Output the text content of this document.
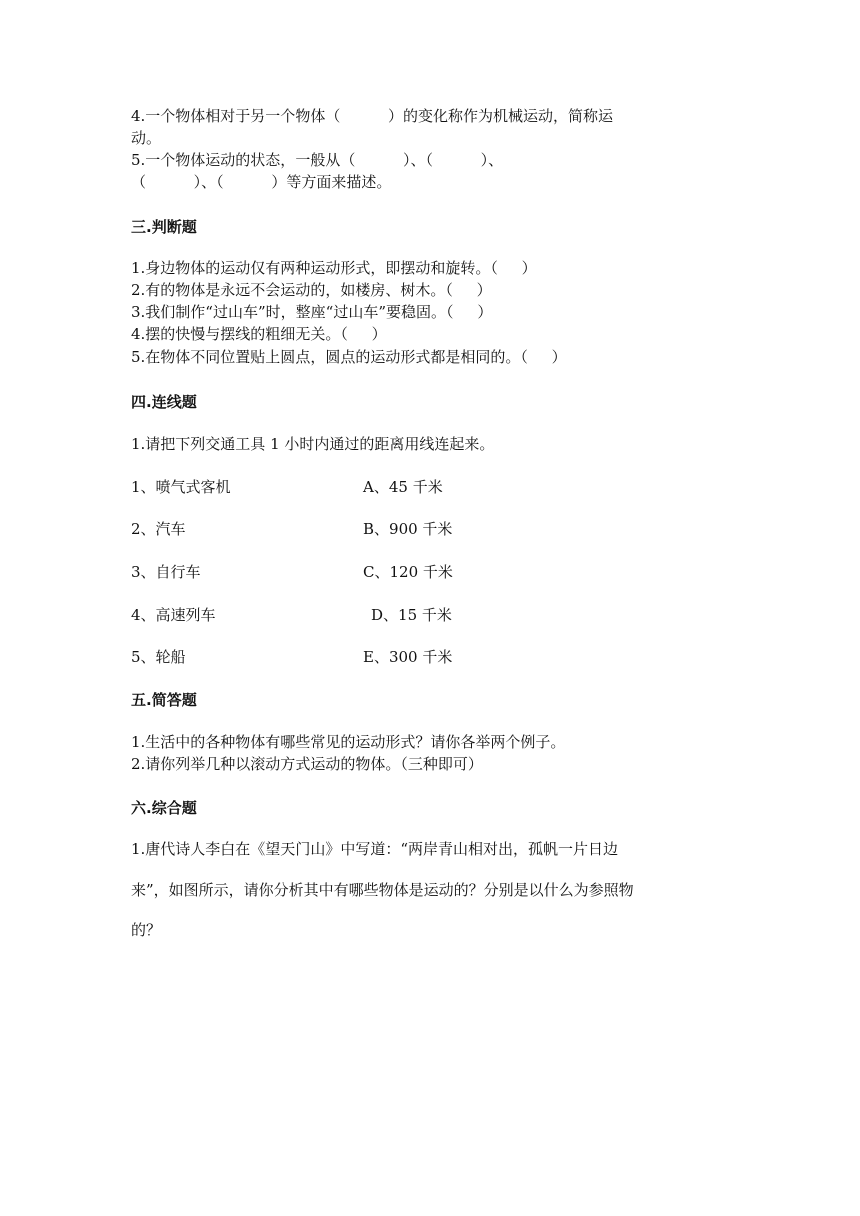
4.一个物体相对于另一个物体（          ）的变化称作为机械运动，简称运
动。
5.一个物体运动的状态，一般从（          ）、（          ）、
（          ）、（          ）等方面来描述。
三.判断题
1.身边物体的运动仅有两种运动形式，即摆动和旋转。（     ）
2.有的物体是永远不会运动的，如楼房、树木。（     ）
3.我们制作“过山车”时，整座“过山车”要稳固。（     ）
4.摆的快慢与摆线的粗细无关。（     ）
5.在物体不同位置贴上圆点，圆点的运动形式都是相同的。（     ）
四.连线题
1.请把下列交通工具 1 小时内通过的距离用线连起来。
1、喷气式客机	A、45 千米
2、汽车	B、900 千米
3、自行车	C、120 千米
4、高速列车	D、15 千米
5、轮船	E、300 千米
五.简答题
1.生活中的各种物体有哪些常见的运动形式？请你各举两个例子。
2.请你列举几种以滚动方式运动的物体。（三种即可）
六.综合题
1.唐代诗人李白在《望天门山》中写道：“两岸青山相对出，孤帆一片日边
来”，如图所示，请你分析其中有哪些物体是运动的？分别是以什么为参照物
的？
